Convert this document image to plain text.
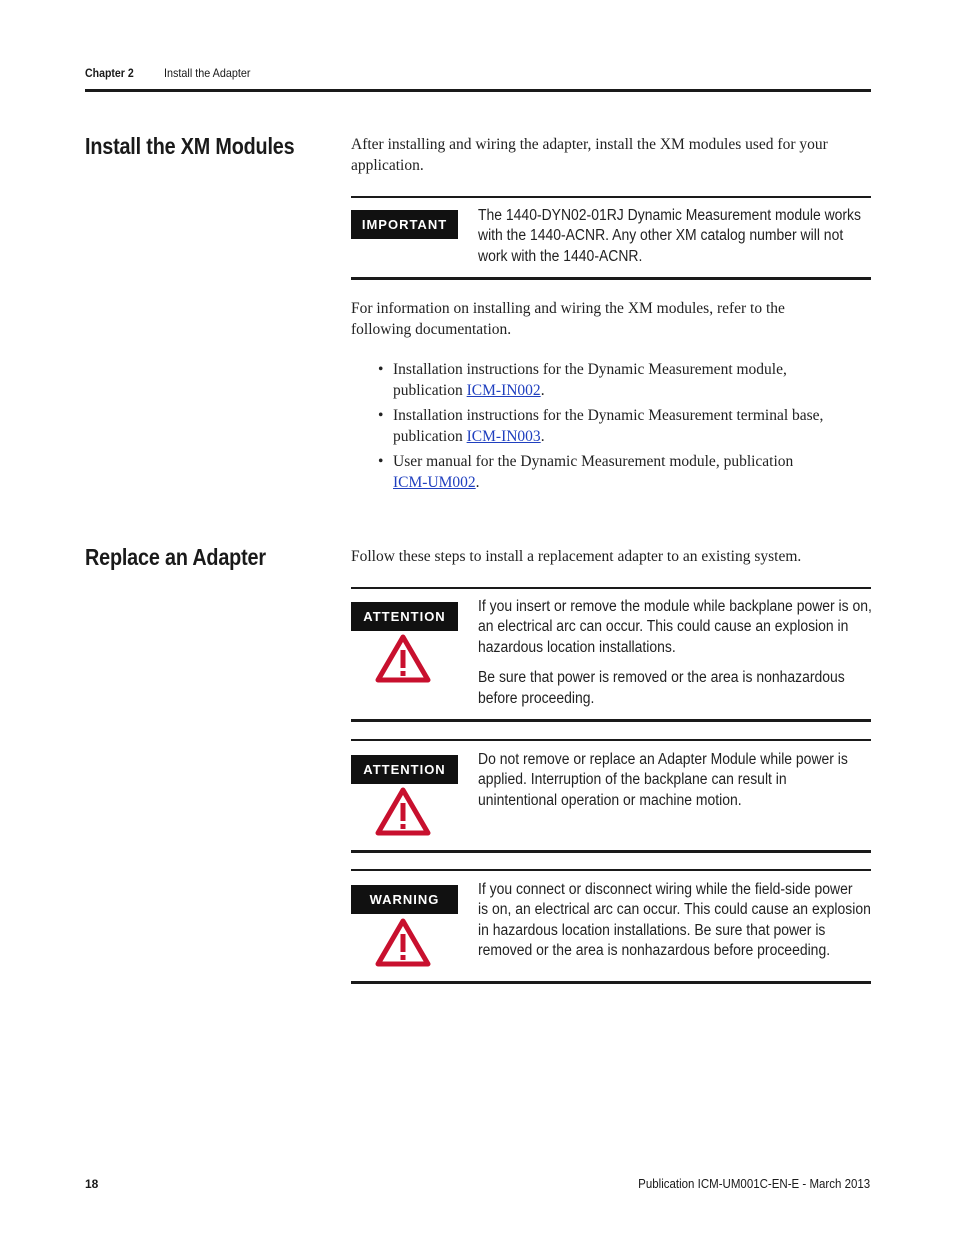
Chapter 2	Install the Adapter
Install the XM Modules	After installing and wiring the adapter, install the XM modules used for your
application.
IMPORTANT

The 1440-DYN02-01RJ Dynamic Measurement module works

with the 1440-ACNR. Any other XM catalog number will not

work with the 1440-ACNR.

For information on installing and wiring the XM modules, refer to the
following documentation.
• Installation instructions for the Dynamic Measurement module,
publication ICM-IN002.
• Installation instructions for the Dynamic Measurement terminal base,
publication ICM-IN003.
• User manual for the Dynamic Measurement module, publication
ICM-UM002.
Replace an Adapter	Follow these steps to install a replacement adapter to an existing system.
ATTENTION

If you insert or remove the module while backplane power is on,

an electrical arc can occur. This could cause an explosion in

hazardous location installations.

Be sure that power is removed or the area is nonhazardous

before proceeding.

ATTENTION

Do not remove or replace an Adapter Module while power is

applied. Interruption of the backplane can result in

unintentional operation or machine motion.

WARNING

If you connect or disconnect wiring while the field-side power

is on, an electrical arc can occur. This could cause an explosion

in hazardous location installations. Be sure that power is

removed or the area is nonhazardous before proceeding.

18	Publication ICM-UM001C-EN-E - March 2013
